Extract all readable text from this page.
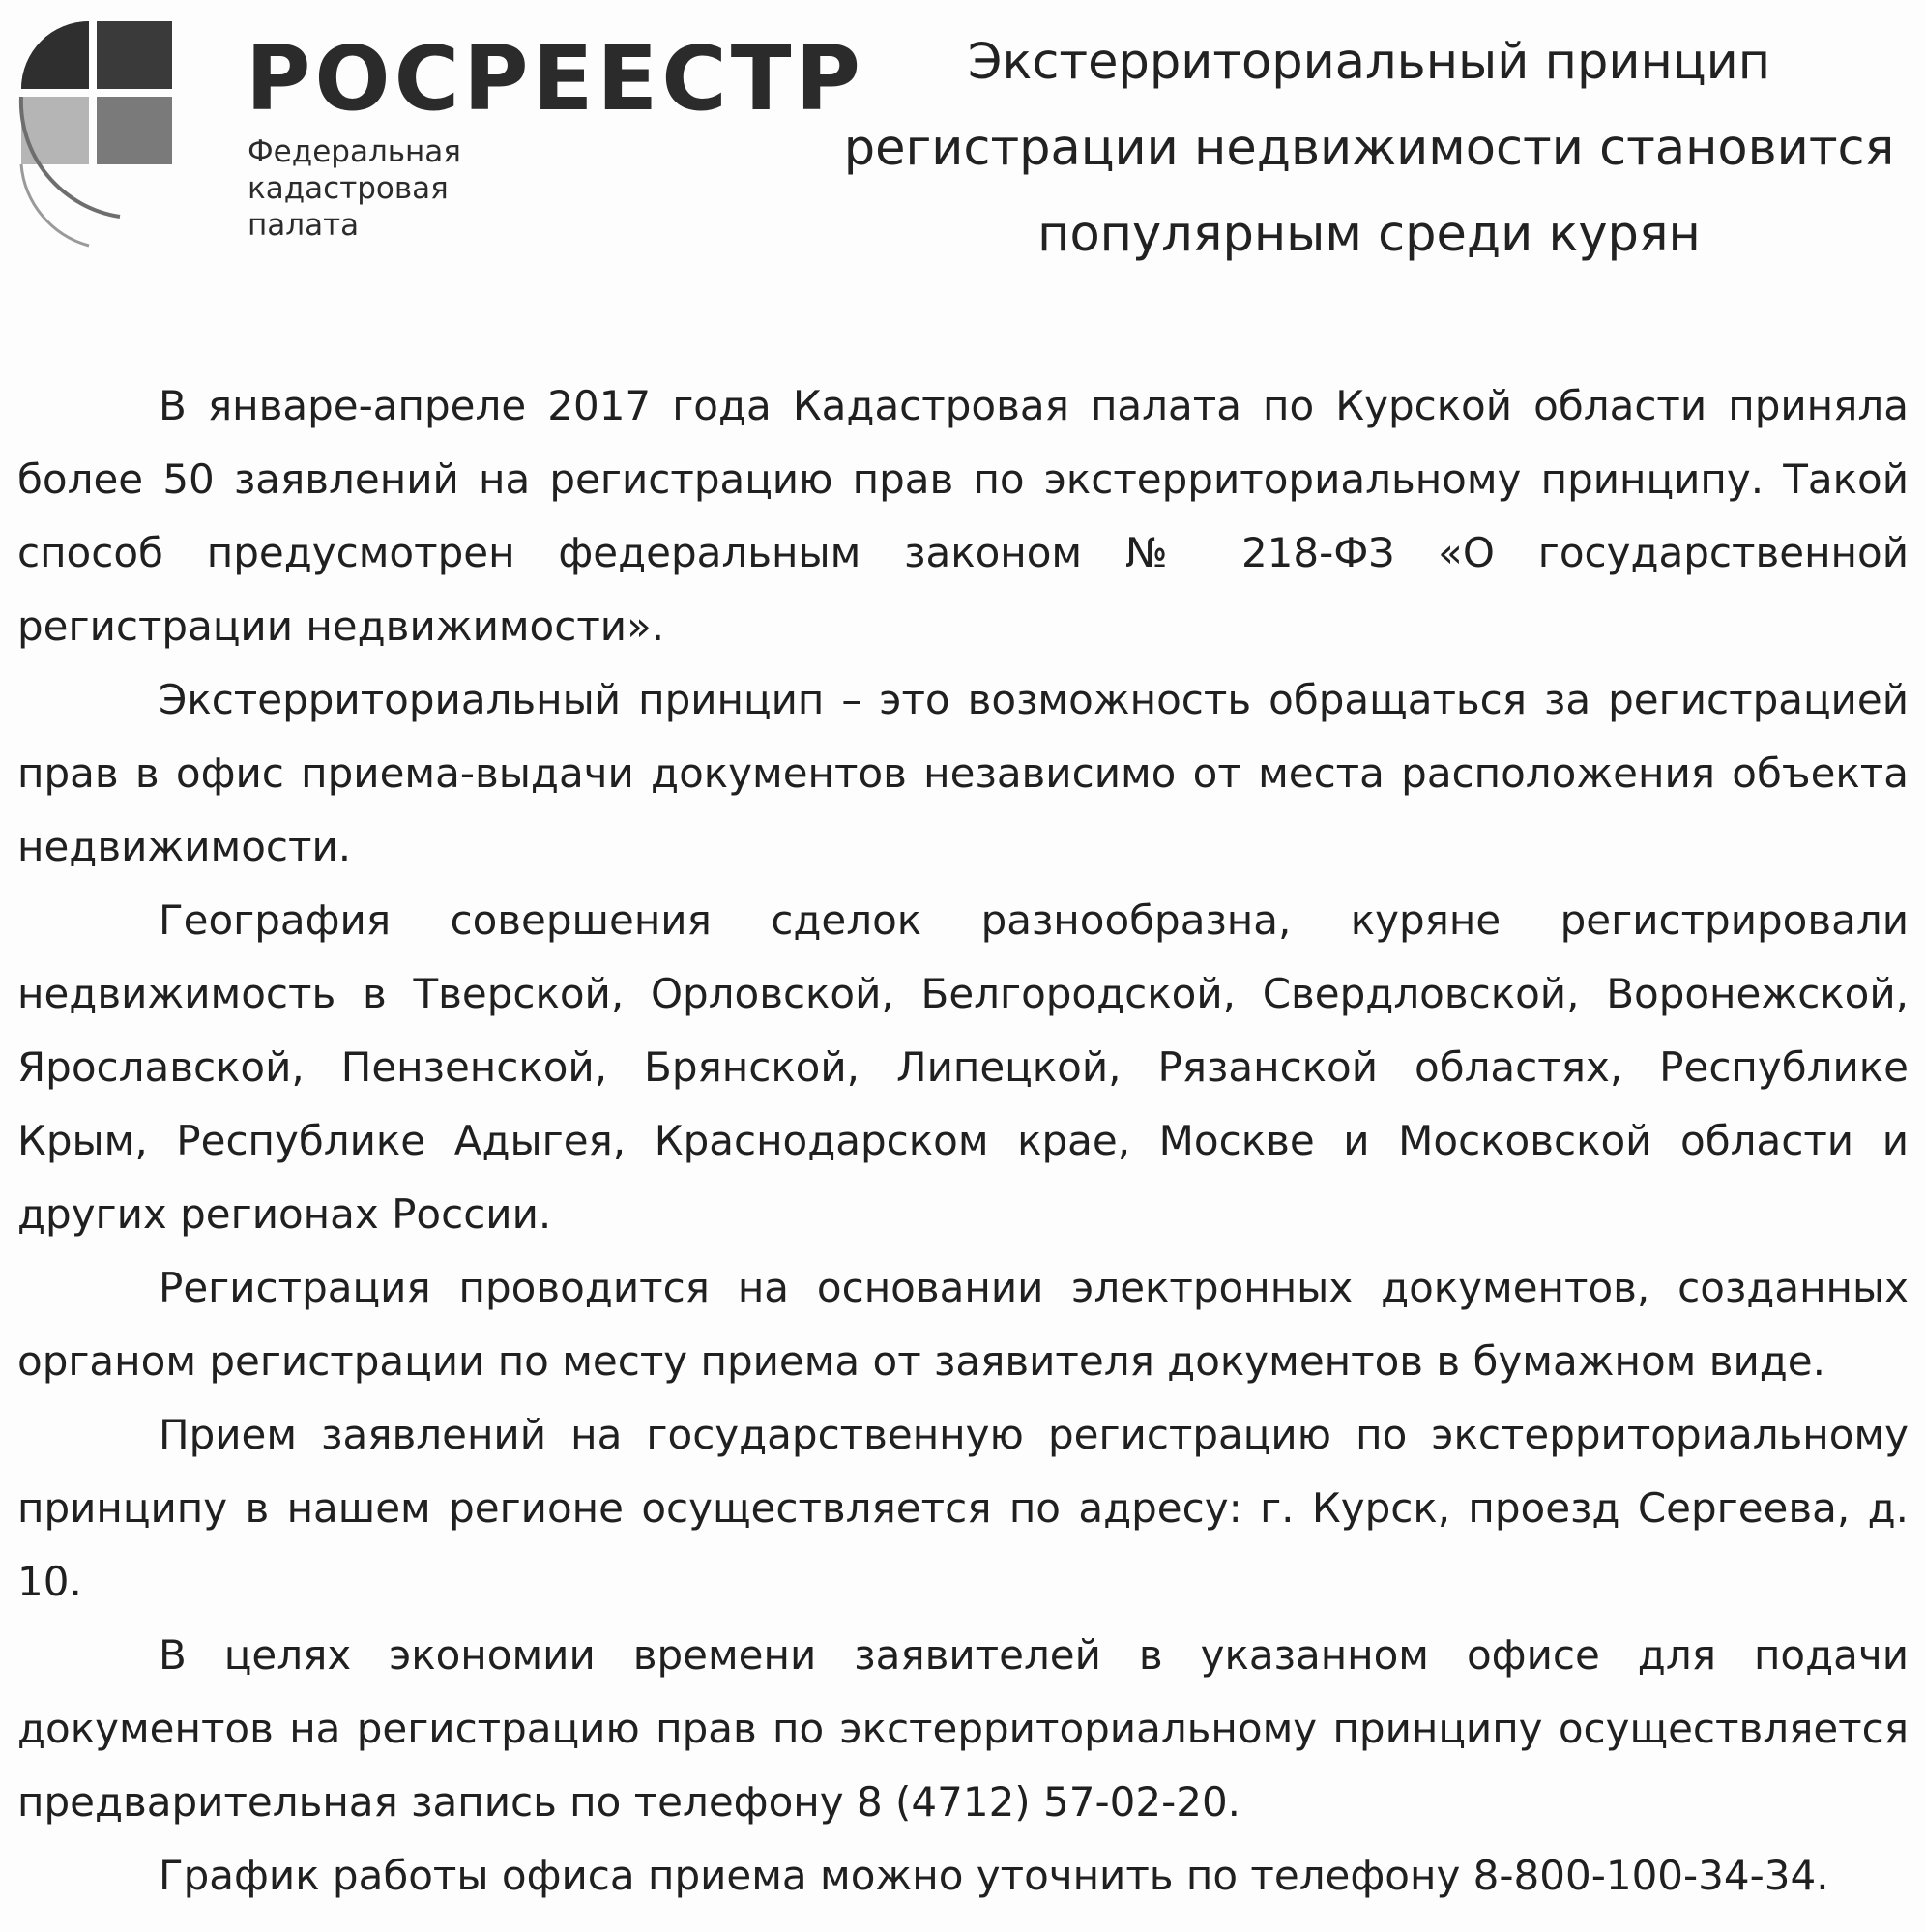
РОСРЕЕСТР
Федеральная
кадастровая
палата
Экстерриториальный принцип
регистрации недвижимости становится
популярным среди курян

В январе-апреле 2017 года Кадастровая палата по Курской области приняла более 50 заявлений на регистрацию прав по экстерриториальному принципу. Такой способ предусмотрен федеральным законом № 218-ФЗ «О государственной регистрации недвижимости».

Экстерриториальный принцип – это возможность обращаться за регистрацией прав в офис приема-выдачи документов независимо от места расположения объекта недвижимости.

География совершения сделок разнообразна, куряне регистрировали недвижимость в Тверской, Орловской, Белгородской, Свердловской, Воронежской, Ярославской, Пензенской, Брянской, Липецкой, Рязанской областях, Республике Крым, Республике Адыгея, Краснодарском крае, Москве и Московской области и других регионах России.

Регистрация проводится на основании электронных документов, созданных органом регистрации по месту приема от заявителя документов в бумажном виде.

Прием заявлений на государственную регистрацию по экстерриториальному принципу в нашем регионе осуществляется по адресу: г. Курск, проезд Сергеева, д. 10.

В целях экономии времени заявителей в указанном офисе для подачи документов на регистрацию прав по экстерриториальному принципу осуществляется предварительная запись по телефону 8 (4712) 57-02-20.

График работы офиса приема можно уточнить по телефону 8-800-100-34-34.
